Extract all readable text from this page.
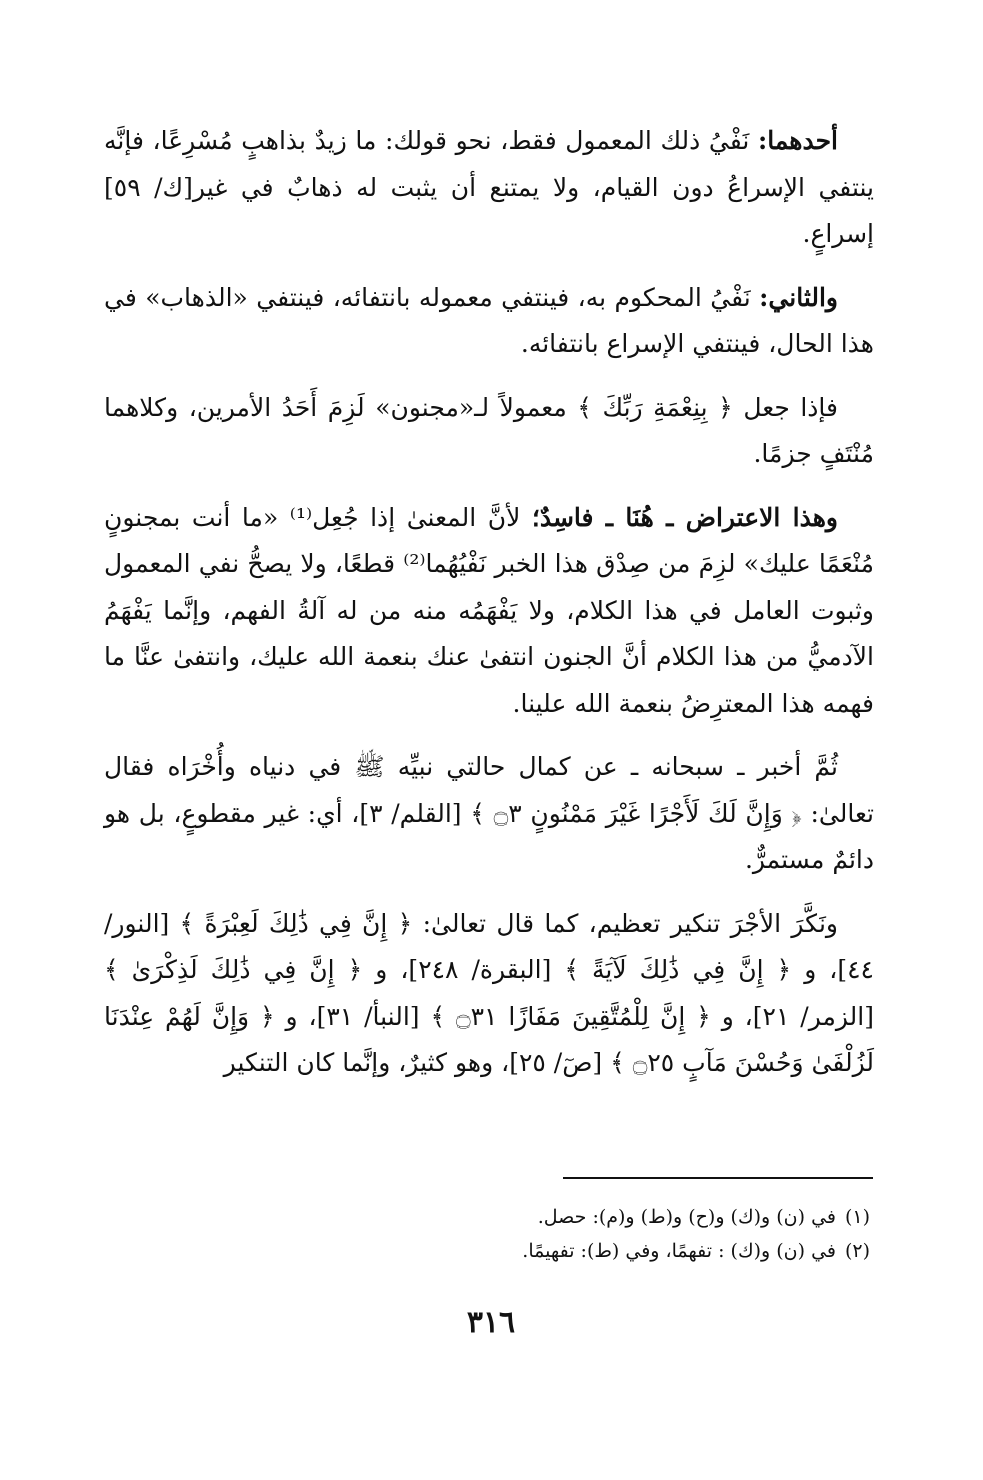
أحدهما: نَفْيُ ذلك المعمول فقط، نحو قولك: ما زيدٌ بذاهبٍ مُسْرِعًا، فإنَّه ينتفي الإسراعُ دون القيام، ولا يمتنع أن يثبت له ذهابٌ في غير[ك/ ٥٩] إسراعٍ.

والثاني: نَفْيُ المحكوم به، فينتفي معموله بانتفائه، فينتفي «الذهاب» في هذا الحال، فينتفي الإسراع بانتفائه.

فإذا جعل ﴿ بِنِعْمَةِ رَبِّكَ ﴾ معمولاً لـ«مجنون» لَزِمَ أَحَدُ الأمرين، وكلاهما مُنْتَفٍ جزمًا.

وهذا الاعتراض ـ هُنَا ـ فاسِدٌ؛ لأنَّ المعنىٰ إذا جُعِل⁽¹⁾ «ما أنت بمجنونٍ مُنْعَمًا عليك» لزِمَ من صِدْق هذا الخبر نَفْيُهُما⁽²⁾ قطعًا، ولا يصحُّ نفي المعمول وثبوت العامل في هذا الكلام، ولا يَفْهَمُه منه من له آلةُ الفهم، وإنَّما يَفْهَمُ الآدميُّ من هذا الكلام أنَّ الجنون انتفىٰ عنك بنعمة الله عليك، وانتفىٰ عنَّا ما فهمه هذا المعترِضُ بنعمة الله علينا.

ثُمَّ أخبر ـ سبحانه ـ عن كمال حالتي نبيِّه ﷺ في دنياه وأُخْرَاه فقال تعالىٰ: ﴿ وَإِنَّ لَكَ لَأَجْرًا غَيْرَ مَمْنُونٍ ۝٣ ﴾ [القلم/ ٣]، أي: غير مقطوعٍ، بل هو دائمٌ مستمرٌّ.

ونَكَّرَ الأجْرَ تنكير تعظيم، كما قال تعالىٰ: ﴿ إِنَّ فِي ذَٰلِكَ لَعِبْرَةً ﴾ [النور/ ٤٤]، و ﴿ إِنَّ فِي ذَٰلِكَ لَآيَةً ﴾ [البقرة/ ٢٤٨]، و ﴿ إِنَّ فِي ذَٰلِكَ لَذِكْرَىٰ ﴾ [الزمر/ ٢١]، و ﴿ إِنَّ لِلْمُتَّقِينَ مَفَازًا ۝٣١ ﴾ [النبأ/ ٣١]، و ﴿ وَإِنَّ لَهُمْ عِنْدَنَا لَزُلْفَىٰ وَحُسْنَ مَآبٍ ۝٢٥ ﴾ [صٓ/ ٢٥]، وهو كثيرٌ، وإنَّما كان التنكير

(١)في (ن) و(ك) و(ح) و(ط) و(م): حصل.

(٢)في (ن) و(ك) : تفهمًا، وفي (ط): تفهيمًا.

٣١٦
